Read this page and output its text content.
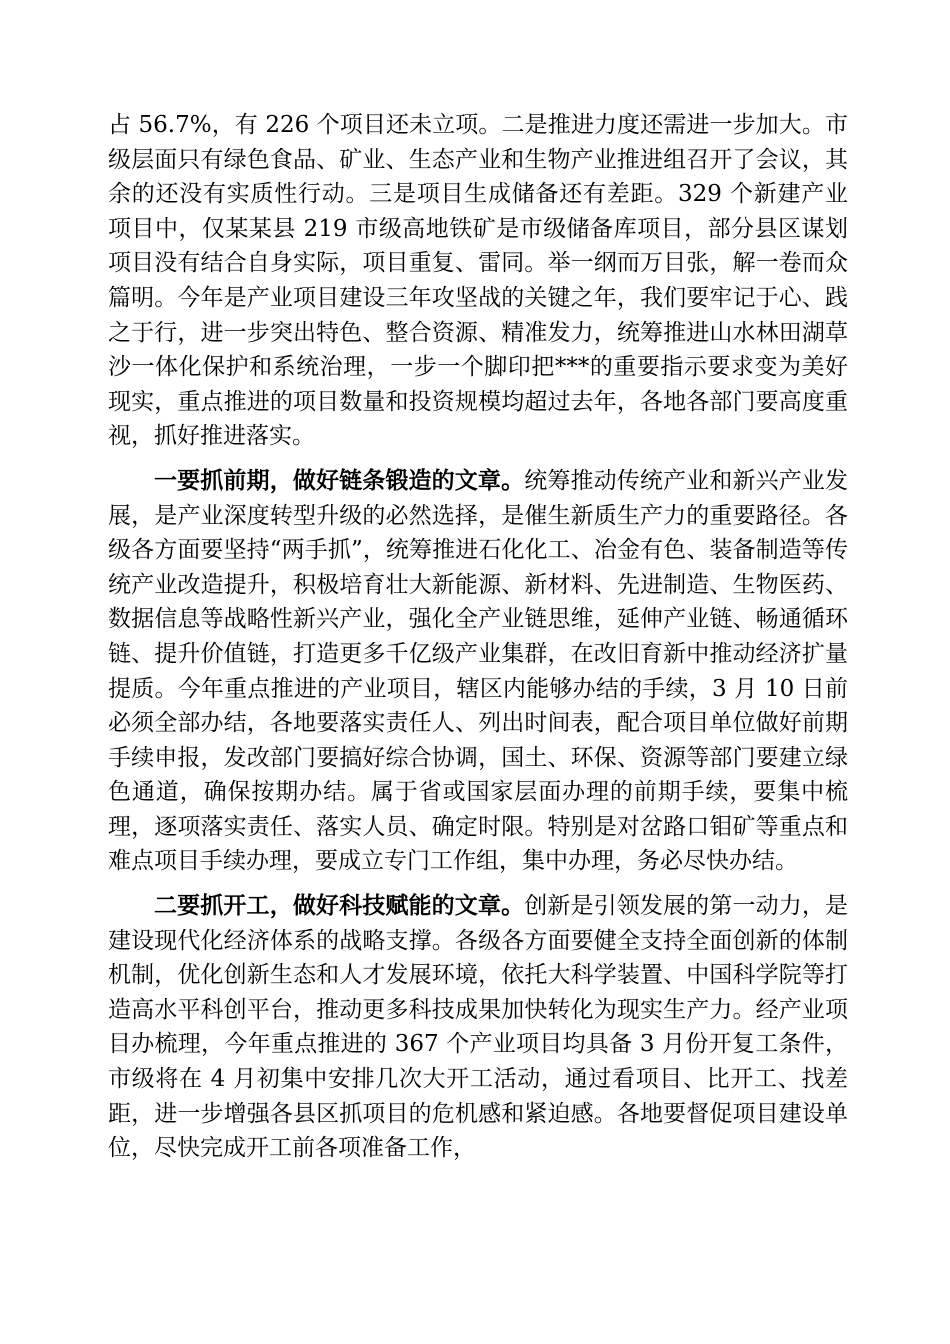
占 56.7%，有 226 个项目还未立项。二是推进力度还需进一步加大。市级层面只有绿色食品、矿业、生态产业和生物产业推进组召开了会议，其余的还没有实质性行动。三是项目生成储备还有差距。329 个新建产业项目中，仅某某县 219 市级高地铁矿是市级储备库项目，部分县区谋划项目没有结合自身实际，项目重复、雷同。举一纲而万目张，解一卷而众篇明。今年是产业项目建设三年攻坚战的关键之年，我们要牢记于心、践之于行，进一步突出特色、整合资源、精准发力，统筹推进山水林田湖草沙一体化保护和系统治理，一步一个脚印把***的重要指示要求变为美好现实，重点推进的项目数量和投资规模均超过去年，各地各部门要高度重视，抓好推进落实。

一要抓前期，做好链条锻造的文章。统筹推动传统产业和新兴产业发展，是产业深度转型升级的必然选择，是催生新质生产力的重要路径。各级各方面要坚持“两手抓”，统筹推进石化化工、冶金有色、装备制造等传统产业改造提升，积极培育壮大新能源、新材料、先进制造、生物医药、数据信息等战略性新兴产业，强化全产业链思维，延伸产业链、畅通循环链、提升价值链，打造更多千亿级产业集群，在改旧育新中推动经济扩量提质。今年重点推进的产业项目，辖区内能够办结的手续，3 月 10 日前必须全部办结，各地要落实责任人、列出时间表，配合项目单位做好前期手续申报，发改部门要搞好综合协调，国土、环保、资源等部门要建立绿色通道，确保按期办结。属于省或国家层面办理的前期手续，要集中梳理，逐项落实责任、落实人员、确定时限。特别是对岔路口钼矿等重点和难点项目手续办理，要成立专门工作组，集中办理，务必尽快办结。

二要抓开工，做好科技赋能的文章。创新是引领发展的第一动力，是建设现代化经济体系的战略支撑。各级各方面要健全支持全面创新的体制机制，优化创新生态和人才发展环境，依托大科学装置、中国科学院等打造高水平科创平台，推动更多科技成果加快转化为现实生产力。经产业项目办梳理，今年重点推进的 367 个产业项目均具备 3 月份开复工条件，市级将在 4 月初集中安排几次大开工活动，通过看项目、比开工、找差距，进一步增强各县区抓项目的危机感和紧迫感。各地要督促项目建设单位，尽快完成开工前各项准备工作，
